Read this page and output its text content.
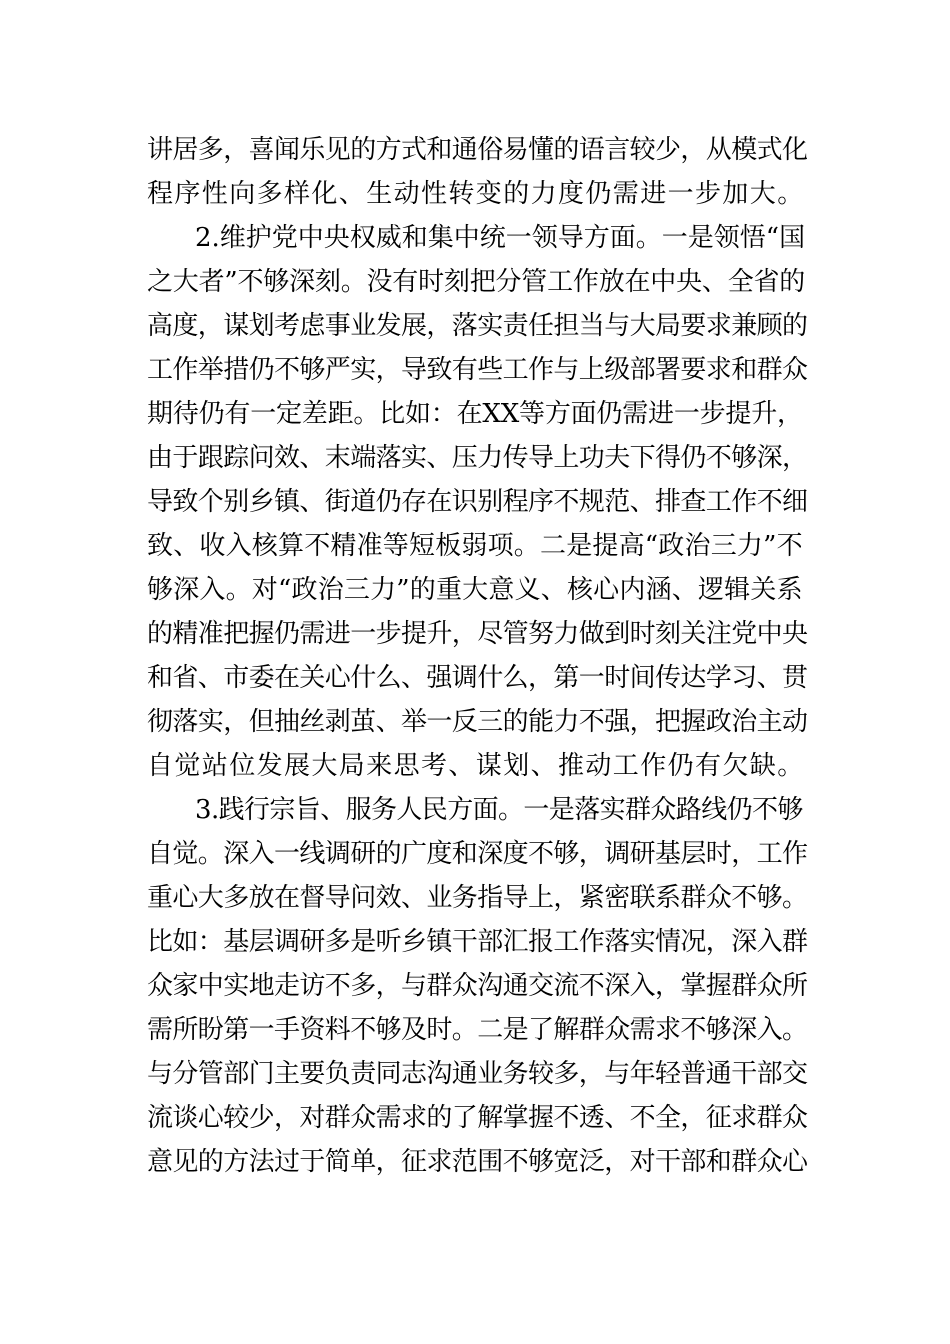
讲居多，喜闻乐见的方式和通俗易懂的语言较少，从模式化
程序性向多样化、生动性转变的力度仍需进一步加大。
2.维护党中央权威和集中统一领导方面。一是领悟“国
之大者”不够深刻。没有时刻把分管工作放在中央、全省的
高度，谋划考虑事业发展，落实责任担当与大局要求兼顾的
工作举措仍不够严实，导致有些工作与上级部署要求和群众
期待仍有一定差距。比如：在XX等方面仍需进一步提升，
由于跟踪问效、末端落实、压力传导上功夫下得仍不够深，
导致个别乡镇、街道仍存在识别程序不规范、排查工作不细
致、收入核算不精准等短板弱项。二是提高“政治三力”不
够深入。对“政治三力”的重大意义、核心内涵、逻辑关系
的精准把握仍需进一步提升，尽管努力做到时刻关注党中央
和省、市委在关心什么、强调什么，第一时间传达学习、贯
彻落实，但抽丝剥茧、举一反三的能力不强，把握政治主动
自觉站位发展大局来思考、谋划、推动工作仍有欠缺。
3.践行宗旨、服务人民方面。一是落实群众路线仍不够
自觉。深入一线调研的广度和深度不够，调研基层时，工作
重心大多放在督导问效、业务指导上，紧密联系群众不够。
比如：基层调研多是听乡镇干部汇报工作落实情况，深入群
众家中实地走访不多，与群众沟通交流不深入，掌握群众所
需所盼第一手资料不够及时。二是了解群众需求不够深入。
与分管部门主要负责同志沟通业务较多，与年轻普通干部交
流谈心较少，对群众需求的了解掌握不透、不全，征求群众
意见的方法过于简单，征求范围不够宽泛，对干部和群众心
